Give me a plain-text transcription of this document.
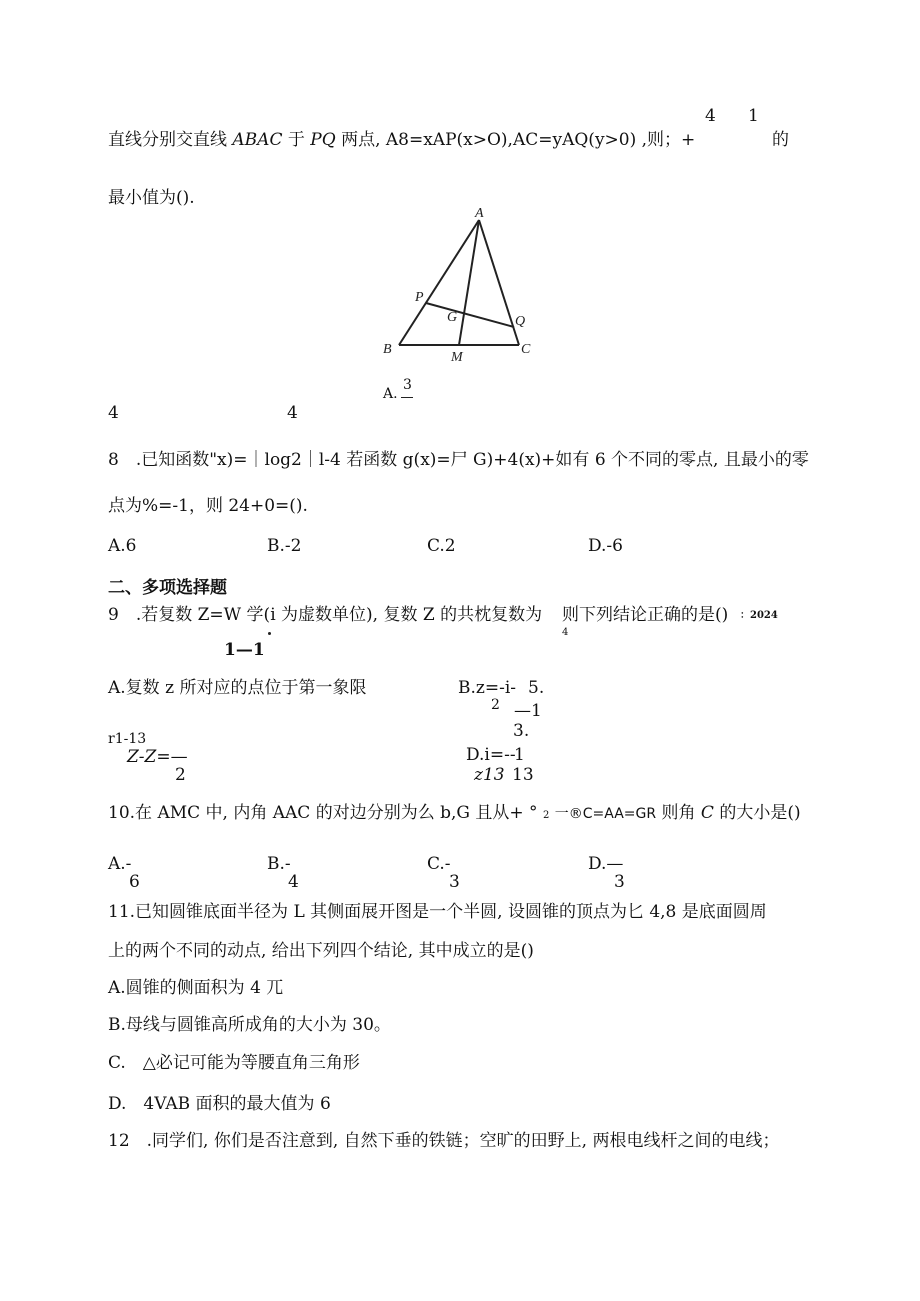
4 1
直线分别交直线 ABAC 于 PQ 两点, A8=xAP(x>O),AC=yAQ(y>0) ,则；+	的
最小值为().
A
B	C
P
Q
G
M
A.
3
4	4
8　.已知函数"x)=｜log2｜l-4 若函数 g(x)=尸 G)+4(x)+如有 6 个不同的零点, 且最小的零
点为%=-1，则 24+0=().
A.6	B.-2	C.2	D.-6
二、多项选择题
9　.若复数 Z=W 学(i 为虚数单位), 复数 Z 的共枕复数为 则下列结论正确的是() ：2024
4
1—1
A.复数 z 所对应的点位于第一象限	B.z=-i- 5.
2 —1
r1-13
Z-Z=—
2
3.
D.i=--
1
z13 13
10.在 AMC 中, 内角 AAC 的对边分别为么 b,G 且从+ ° 2 一®C=AA=GR 则角 C 的大小是()
A.-	B.-	C.-	D.—
6	4	3	3
11.已知圆锥底面半径为 L 其侧面展开图是一个半圆, 设圆锥的顶点为匕 4,8 是底面圆周
上的两个不同的动点, 给出下列四个结论, 其中成立的是()
A.圆锥的侧面积为 4 兀
B.母线与圆锥高所成角的大小为 30。
C.　△必记可能为等腰直角三角形
D.　4VAB 面积的最大值为 6
12　.同学们, 你们是否注意到, 自然下垂的铁链；空旷的田野上, 两根电线杆之间的电线；
